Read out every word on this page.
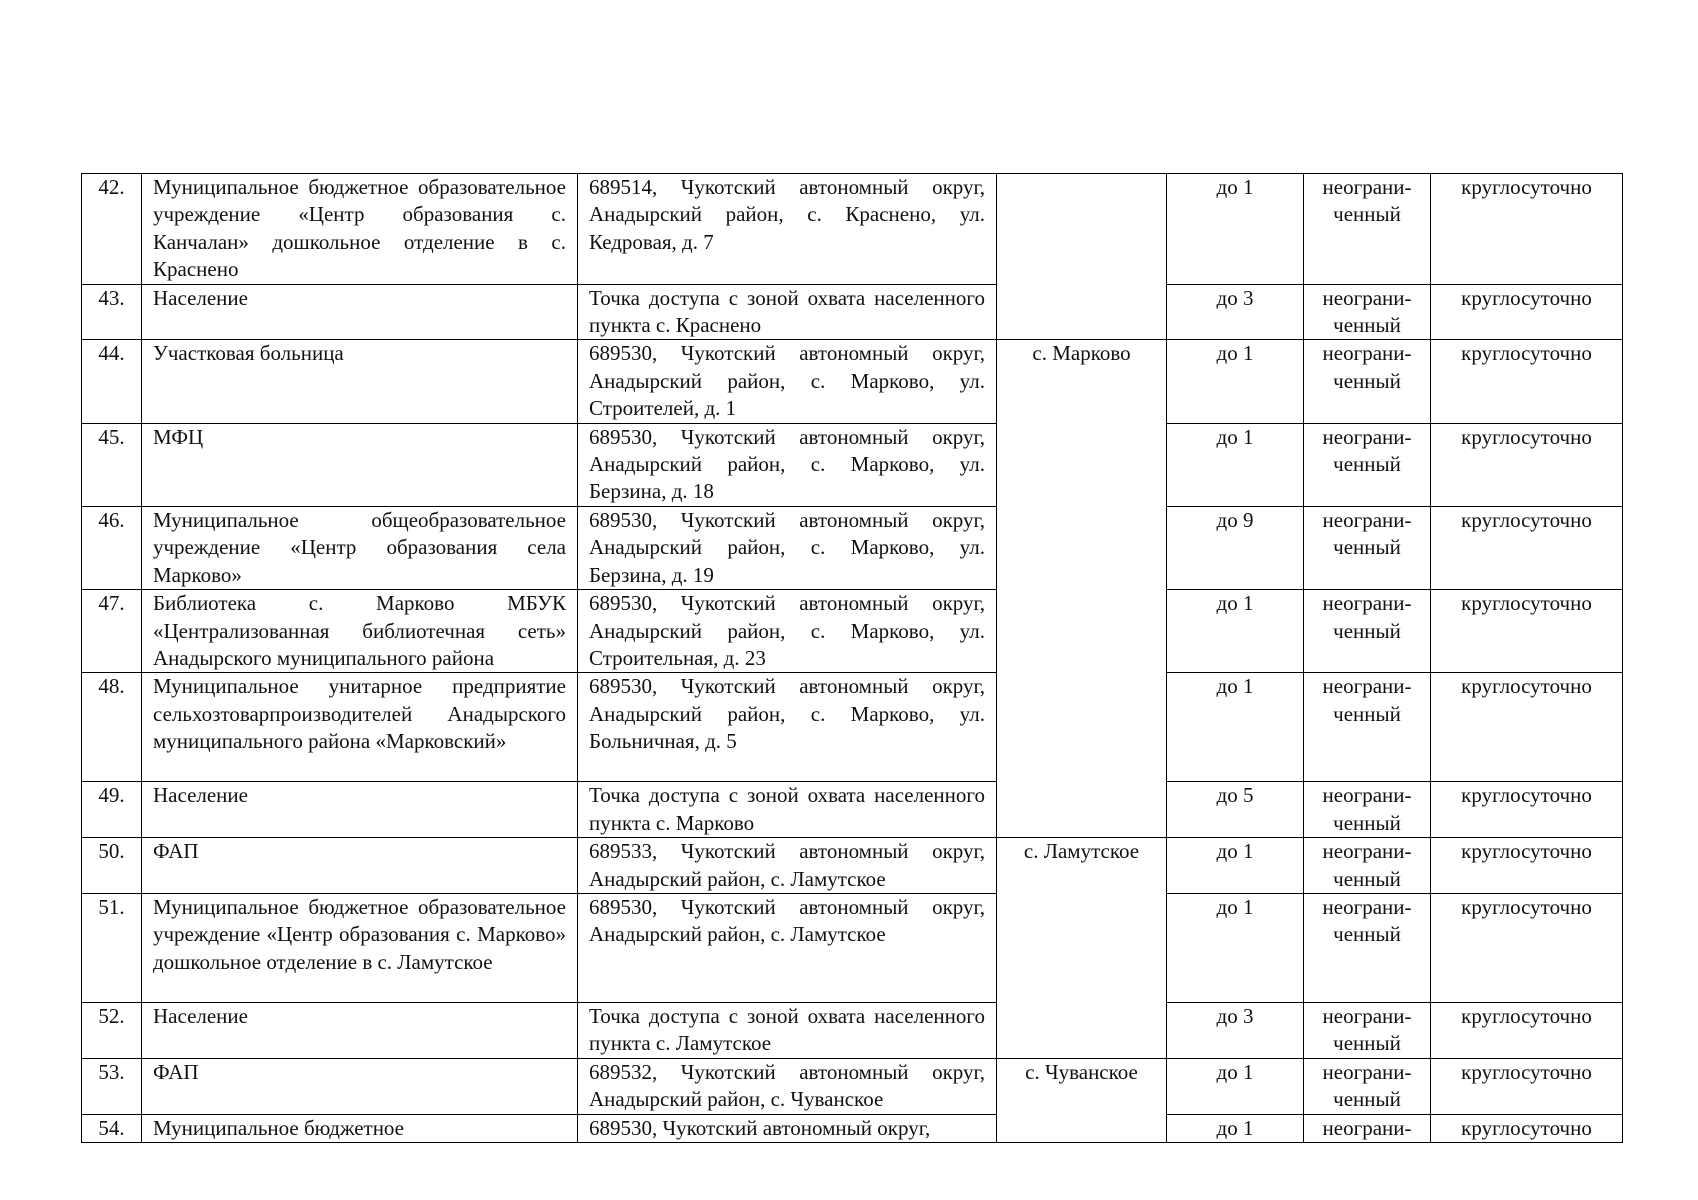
42.	Муниципальное бюджетное образовательное учреждение «Центр образования с. Канчалан» дошкольное отделение в с. Краснено	689514, Чукотский автономный округ, Анадырский район, с. Краснено, ул. Кедровая, д. 7		до 1	неограни-ченный	круглосуточно
43.	Население	Точка доступа с зоной охвата населенного пункта с. Краснено		до 3	неограни-ченный	круглосуточно
44.	Участковая больница	689530, Чукотский автономный округ, Анадырский район, с. Марково, ул. Строителей, д. 1	с. Марково	до 1	неограни-ченный	круглосуточно
45.	МФЦ	689530, Чукотский автономный округ, Анадырский район, с. Марково, ул. Берзина, д. 18		до 1	неограни-ченный	круглосуточно
46.	Муниципальное общеобразовательное учреждение «Центр образования села Марково»	689530, Чукотский автономный округ, Анадырский район, с. Марково, ул. Берзина, д. 19		до 9	неограни-ченный	круглосуточно
47.	Библиотека с. Марково МБУК «Централизованная библиотечная сеть» Анадырского муниципального района	689530, Чукотский автономный округ, Анадырский район, с. Марково, ул. Строительная, д. 23		до 1	неограни-ченный	круглосуточно
48.	Муниципальное унитарное предприятие сельхозтоварпроизводителей Анадырского муниципального района «Марковский»	689530, Чукотский автономный округ, Анадырский район, с. Марково, ул. Больничная, д. 5		до 1	неограни-ченный	круглосуточно
49.	Население	Точка доступа с зоной охвата населенного пункта с. Марково		до 5	неограни-ченный	круглосуточно
50.	ФАП	689533, Чукотский автономный округ, Анадырский район, с. Ламутское	с. Ламутское	до 1	неограни-ченный	круглосуточно
51.	Муниципальное бюджетное образовательное учреждение «Центр образования с. Марково» дошкольное отделение в с. Ламутское	689530, Чукотский автономный округ, Анадырский район, с. Ламутское		до 1	неограни-ченный	круглосуточно
52.	Население	Точка доступа с зоной охвата населенного пункта с. Ламутское		до 3	неограни-ченный	круглосуточно
53.	ФАП	689532, Чукотский автономный округ, Анадырский район, с. Чуванское	с. Чуванское	до 1	неограни-ченный	круглосуточно
54.	Муниципальное бюджетное	689530, Чукотский автономный округ,		до 1	неограни-	круглосуточно
